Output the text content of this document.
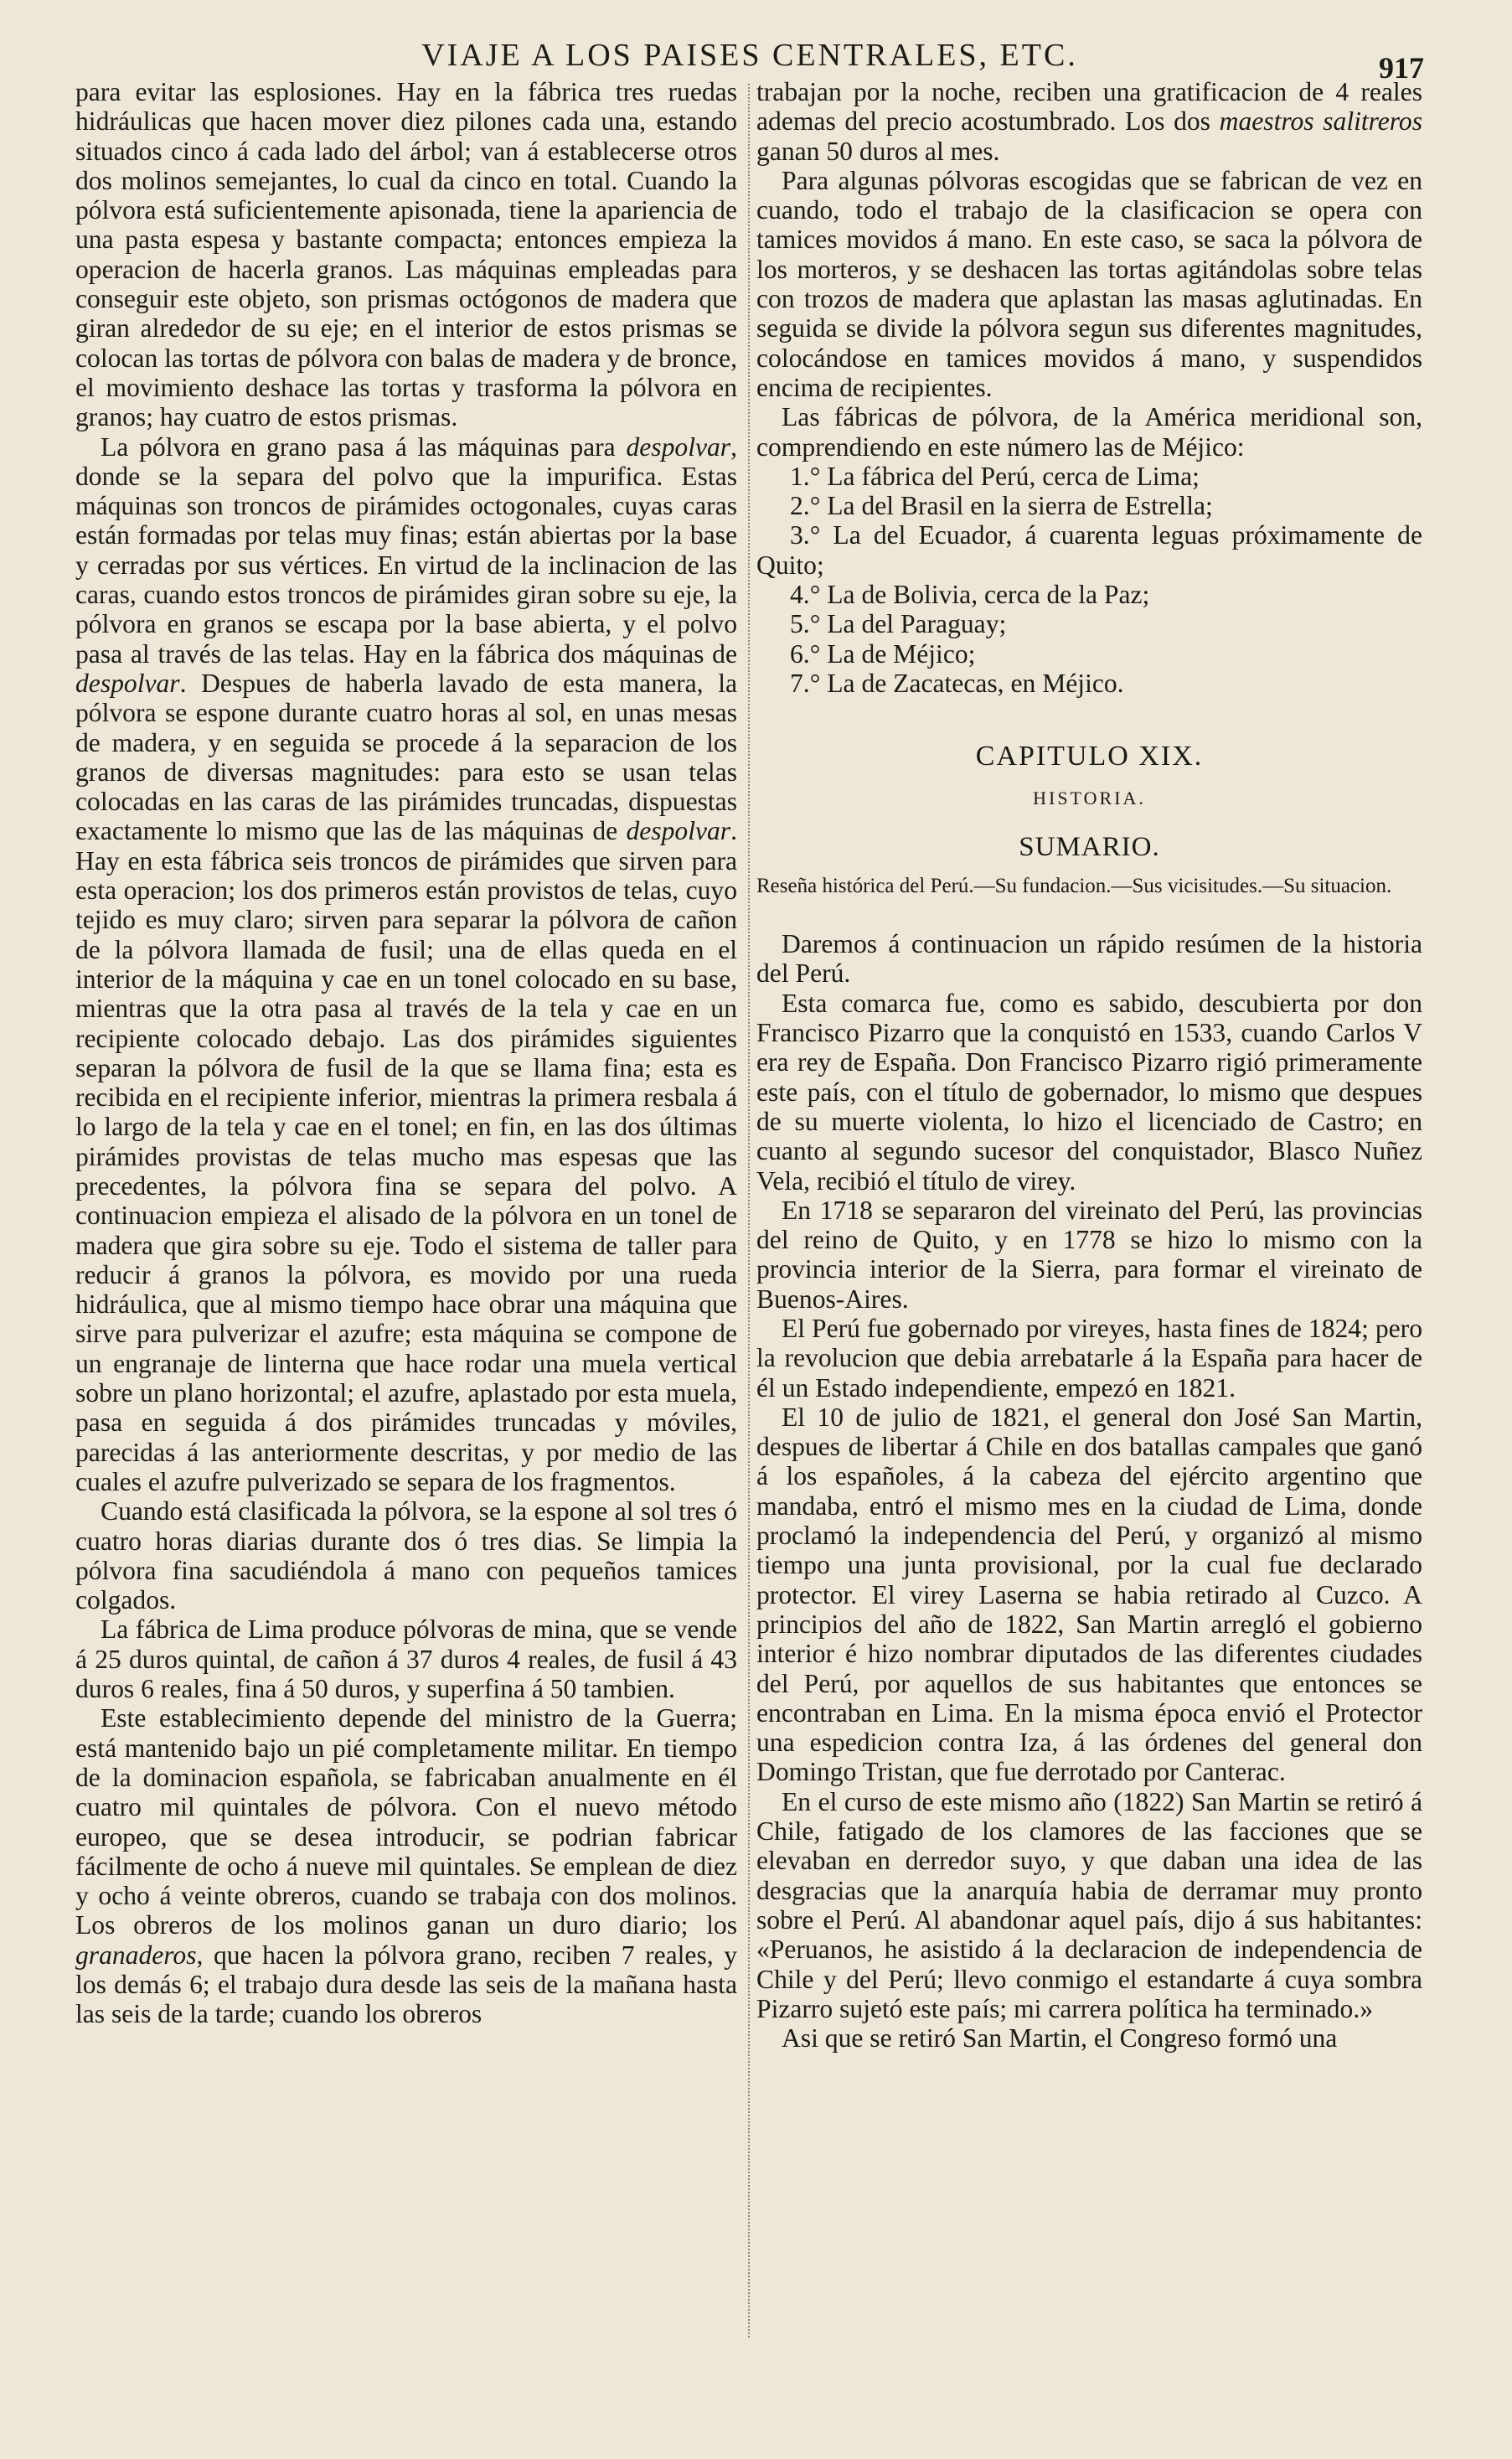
VIAJE A LOS PAISES CENTRALES, ETC.	917

para evitar las esplosiones. Hay en la fábrica tres ruedas hidráulicas que hacen mover diez pilones cada una, estando situados cinco á cada lado del árbol; van á establecerse otros dos molinos semejantes, lo cual da cinco en total. Cuando la pólvora está suficientemente apisonada, tiene la apariencia de una pasta espesa y bastante compacta; entonces empieza la operacion de hacerla granos. Las máquinas empleadas para conseguir este objeto, son prismas octógonos de madera que giran alrededor de su eje; en el interior de estos prismas se colocan las tortas de pólvora con balas de madera y de bronce, el movimiento deshace las tortas y trasforma la pólvora en granos; hay cuatro de estos prismas.

La pólvora en grano pasa á las máquinas para despolvar, donde se la separa del polvo que la impurifica. Estas máquinas son troncos de pirámides octogonales, cuyas caras están formadas por telas muy finas; están abiertas por la base y cerradas por sus vértices. En virtud de la inclinacion de las caras, cuando estos troncos de pirámides giran sobre su eje, la pólvora en granos se escapa por la base abierta, y el polvo pasa al través de las telas. Hay en la fábrica dos máquinas de despolvar. Despues de haberla lavado de esta manera, la pólvora se espone durante cuatro horas al sol, en unas mesas de madera, y en seguida se procede á la separacion de los granos de diversas magnitudes: para esto se usan telas colocadas en las caras de las pirámides truncadas, dispuestas exactamente lo mismo que las de las máquinas de despolvar. Hay en esta fábrica seis troncos de pirámides que sirven para esta operacion; los dos primeros están provistos de telas, cuyo tejido es muy claro; sirven para separar la pólvora de cañon de la pólvora llamada de fusil; una de ellas queda en el interior de la máquina y cae en un tonel colocado en su base, mientras que la otra pasa al través de la tela y cae en un recipiente colocado debajo. Las dos pirámides siguientes separan la pólvora de fusil de la que se llama fina; esta es recibida en el recipiente inferior, mientras la primera resbala á lo largo de la tela y cae en el tonel; en fin, en las dos últimas pirámides provistas de telas mucho mas espesas que las precedentes, la pólvora fina se separa del polvo. A continuacion empieza el alisado de la pólvora en un tonel de madera que gira sobre su eje. Todo el sistema de taller para reducir á granos la pólvora, es movido por una rueda hidráulica, que al mismo tiempo hace obrar una máquina que sirve para pulverizar el azufre; esta máquina se compone de un engranaje de linterna que hace rodar una muela vertical sobre un plano horizontal; el azufre, aplastado por esta muela, pasa en seguida á dos pirámides truncadas y móviles, parecidas á las anteriormente descritas, y por medio de las cuales el azufre pulverizado se separa de los fragmentos.

Cuando está clasificada la pólvora, se la espone al sol tres ó cuatro horas diarias durante dos ó tres dias. Se limpia la pólvora fina sacudiéndola á mano con pequeños tamices colgados.

La fábrica de Lima produce pólvoras de mina, que se vende á 25 duros quintal, de cañon á 37 duros 4 reales, de fusil á 43 duros 6 reales, fina á 50 duros, y superfina á 50 tambien.

Este establecimiento depende del ministro de la Guerra; está mantenido bajo un pié completamente militar. En tiempo de la dominacion española, se fabricaban anualmente en él cuatro mil quintales de pólvora. Con el nuevo método europeo, que se desea introducir, se podrian fabricar fácilmente de ocho á nueve mil quintales. Se emplean de diez y ocho á veinte obreros, cuando se trabaja con dos molinos. Los obreros de los molinos ganan un duro diario; los granaderos, que hacen la pólvora grano, reciben 7 reales, y los demás 6; el trabajo dura desde las seis de la mañana hasta las seis de la tarde; cuando los obreros

trabajan por la noche, reciben una gratificacion de 4 reales ademas del precio acostumbrado. Los dos maestros salitreros ganan 50 duros al mes.

Para algunas pólvoras escogidas que se fabrican de vez en cuando, todo el trabajo de la clasificacion se opera con tamices movidos á mano. En este caso, se saca la pólvora de los morteros, y se deshacen las tortas agitándolas sobre telas con trozos de madera que aplastan las masas aglutinadas. En seguida se divide la pólvora segun sus diferentes magnitudes, colocándose en tamices movidos á mano, y suspendidos encima de recipientes.

Las fábricas de pólvora, de la América meridional son, comprendiendo en este número las de Méjico:

1.° La fábrica del Perú, cerca de Lima;

2.° La del Brasil en la sierra de Estrella;

3.° La del Ecuador, á cuarenta leguas próximamente de Quito;

4.° La de Bolivia, cerca de la Paz;

5.° La del Paraguay;

6.° La de Méjico;

7.° La de Zacatecas, en Méjico.

CAPITULO XIX.

HISTORIA.

SUMARIO.

Reseña histórica del Perú.—Su fundacion.—Sus vicisitudes.—Su situacion.

Daremos á continuacion un rápido resúmen de la historia del Perú.

Esta comarca fue, como es sabido, descubierta por don Francisco Pizarro que la conquistó en 1533, cuando Carlos V era rey de España. Don Francisco Pizarro rigió primeramente este país, con el título de gobernador, lo mismo que despues de su muerte violenta, lo hizo el licenciado de Castro; en cuanto al segundo sucesor del conquistador, Blasco Nuñez Vela, recibió el título de virey.

En 1718 se separaron del vireinato del Perú, las provincias del reino de Quito, y en 1778 se hizo lo mismo con la provincia interior de la Sierra, para formar el vireinato de Buenos-Aires.

El Perú fue gobernado por vireyes, hasta fines de 1824; pero la revolucion que debia arrebatarle á la España para hacer de él un Estado independiente, empezó en 1821.

El 10 de julio de 1821, el general don José San Martin, despues de libertar á Chile en dos batallas campales que ganó á los españoles, á la cabeza del ejército argentino que mandaba, entró el mismo mes en la ciudad de Lima, donde proclamó la independencia del Perú, y organizó al mismo tiempo una junta provisional, por la cual fue declarado protector. El virey Laserna se habia retirado al Cuzco. A principios del año de 1822, San Martin arregló el gobierno interior é hizo nombrar diputados de las diferentes ciudades del Perú, por aquellos de sus habitantes que entonces se encontraban en Lima. En la misma época envió el Protector una espedicion contra Iza, á las órdenes del general don Domingo Tristan, que fue derrotado por Canterac.

En el curso de este mismo año (1822) San Martin se retiró á Chile, fatigado de los clamores de las facciones que se elevaban en derredor suyo, y que daban una idea de las desgracias que la anarquía habia de derramar muy pronto sobre el Perú. Al abandonar aquel país, dijo á sus habitantes: «Peruanos, he asistido á la declaracion de independencia de Chile y del Perú; llevo conmigo el estandarte á cuya sombra Pizarro sujetó este país; mi carrera política ha terminado.»

Asi que se retiró San Martin, el Congreso formó una
